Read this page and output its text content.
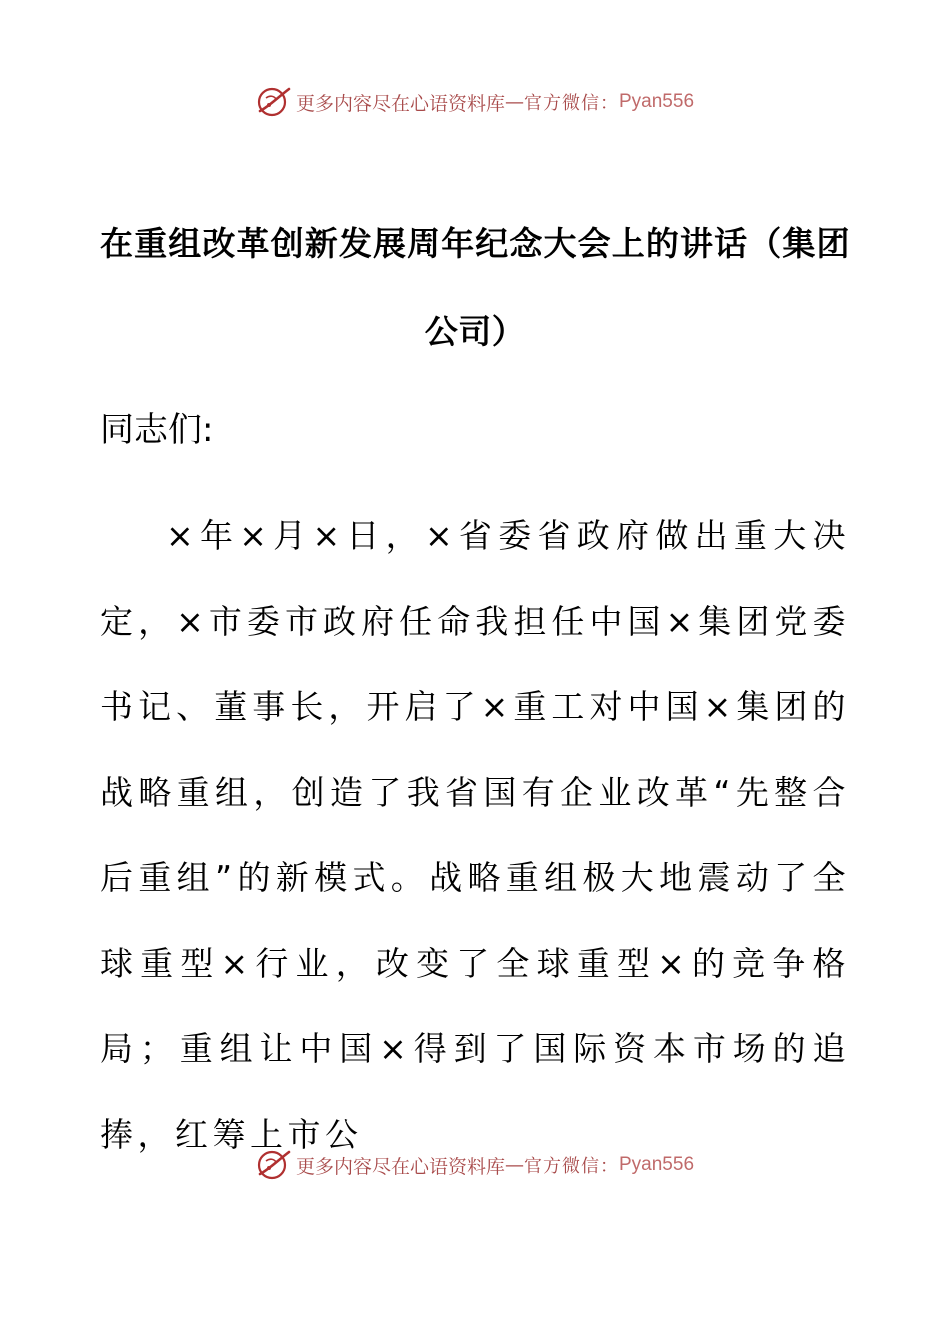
更多内容尽在心语资料库 — 官方微信： Pyan556
在重组改革创新发展周年纪念大会上的讲话（集团公司）

同志们:

×年×月×日，×省委省政府做出重大决定，×市委市政府任命我担任中国×集团党委书记、董事长，开启了×重工对中国×集团的战略重组，创造了我省国有企业改革“先整合后重组”的新模式。战略重组极大地震动了全球重型×行业，改变了全球重型×的竞争格局；重组让中国×得到了国际资本市场的追捧，红筹上市公

更多内容尽在心语资料库 — 官方微信： Pyan556
